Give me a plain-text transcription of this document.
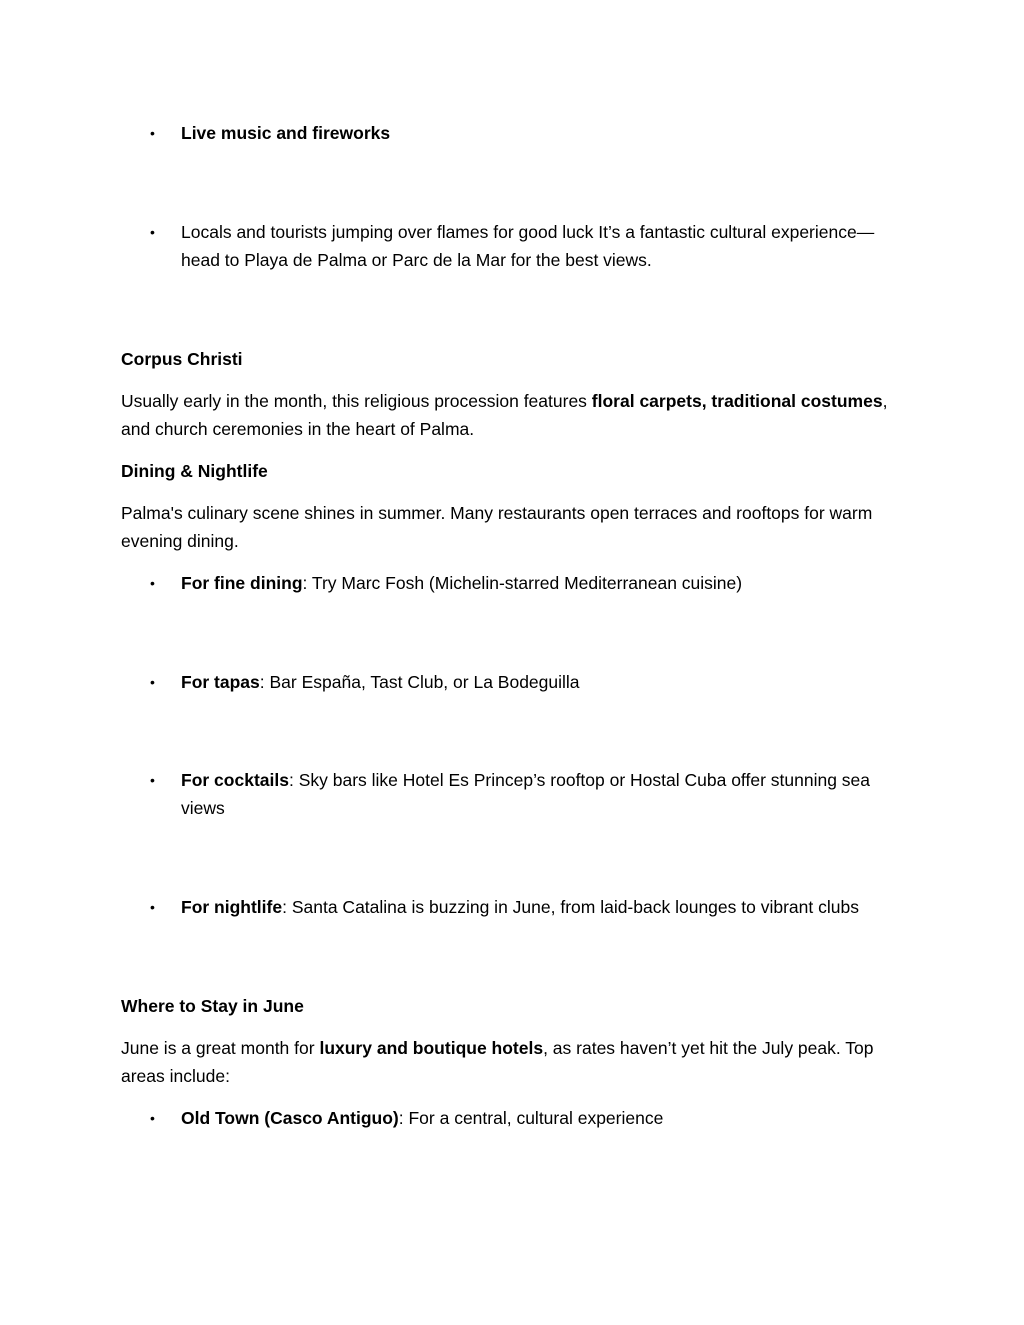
• Live music and fireworks
• Locals and tourists jumping over flames for good luck It’s a fantastic cultural experience—head to Playa de Palma or Parc de la Mar for the best views.
Corpus Christi
Usually early in the month, this religious procession features floral carpets, traditional costumes, and church ceremonies in the heart of Palma.
Dining & Nightlife
Palma's culinary scene shines in summer. Many restaurants open terraces and rooftops for warm evening dining.
• For fine dining: Try Marc Fosh (Michelin-starred Mediterranean cuisine)
• For tapas: Bar España, Tast Club, or La Bodeguilla
• For cocktails: Sky bars like Hotel Es Princep’s rooftop or Hostal Cuba offer stunning sea views
• For nightlife: Santa Catalina is buzzing in June, from laid-back lounges to vibrant clubs
Where to Stay in June
June is a great month for luxury and boutique hotels, as rates haven’t yet hit the July peak. Top areas include:
• Old Town (Casco Antiguo): For a central, cultural experience
